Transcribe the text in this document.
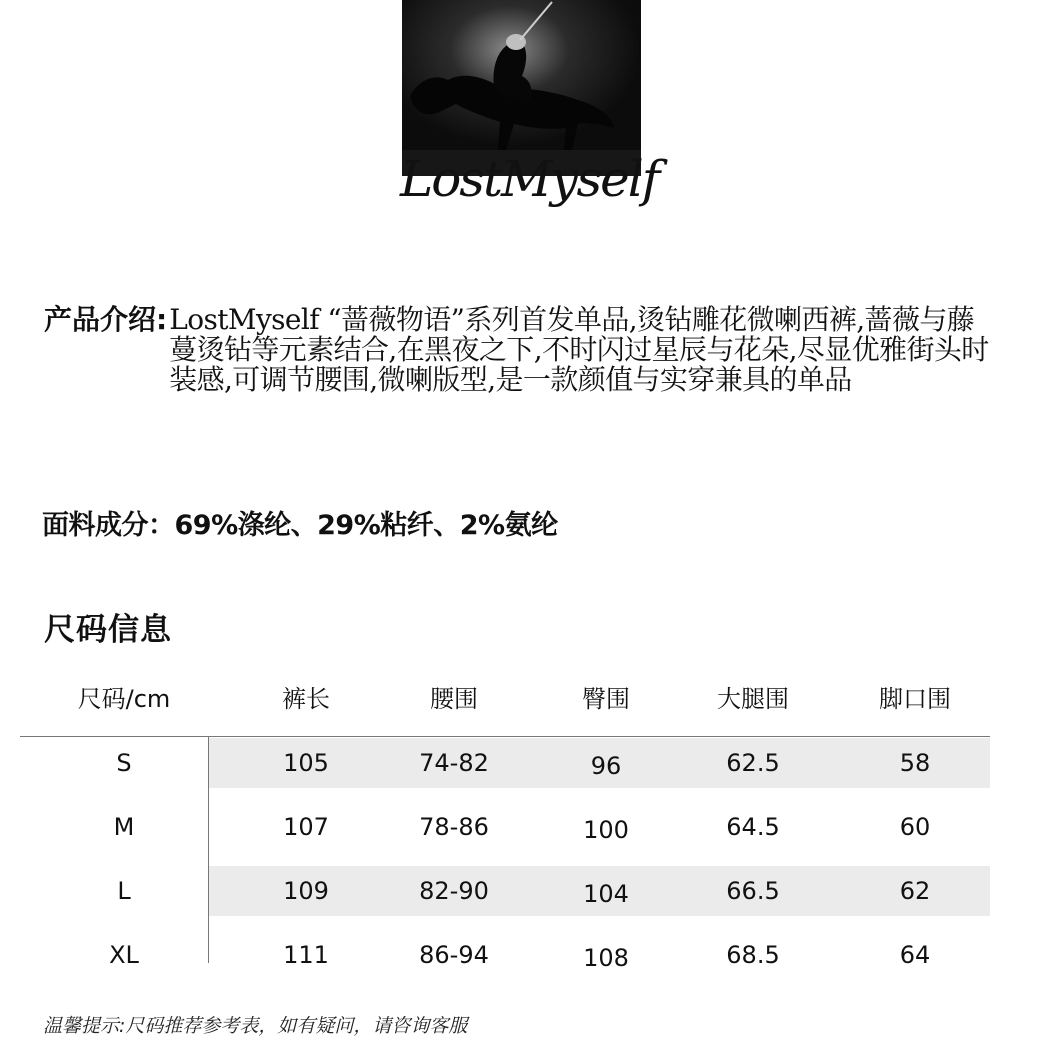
LostMyself
产品介绍: LostMyself “蔷薇物语”系列首发单品,烫钻雕花微喇西裤,蔷薇与藤蔓烫钻等元素结合,在黑夜之下,不时闪过星辰与花朵,尽显优雅街头时装感,可调节腰围,微喇版型,是一款颜值与实穿兼具的单品
面料成分：69%涤纶、29%粘纤、2%氨纶
尺码信息
尺码/cm	裤长	腰围	臀围	大腿围	脚口围
S	105	74-82	96	62.5	58
M	107	78-86	100	64.5	60
L	109	82-90	104	66.5	62
XL	111	86-94	108	68.5	64
温馨提示:尺码推荐参考表，如有疑问，请咨询客服
